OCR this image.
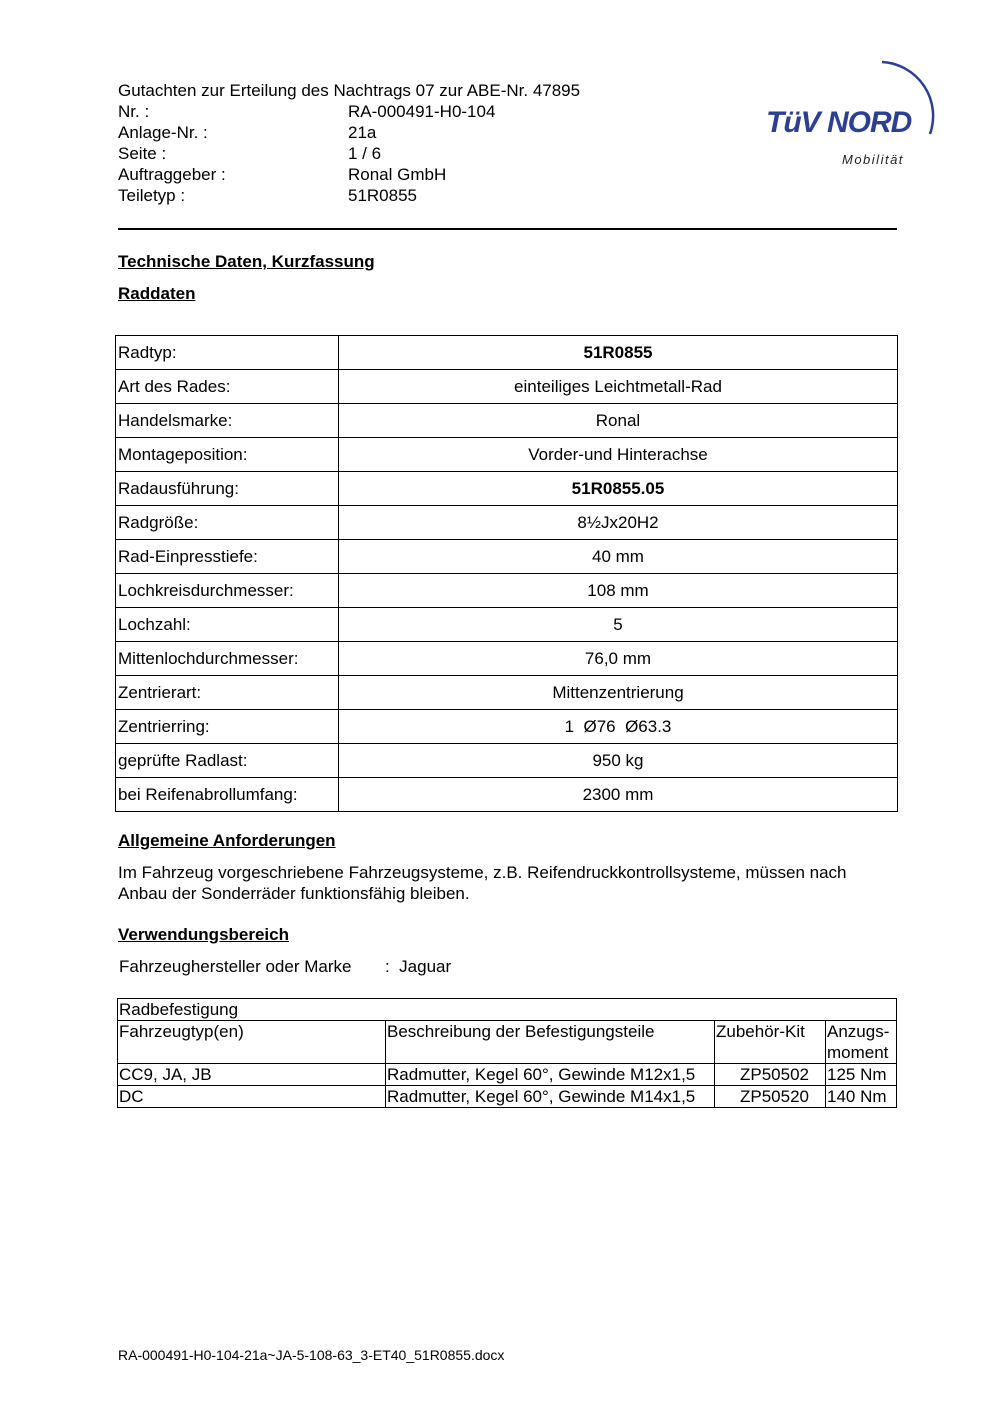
Gutachten zur Erteilung des Nachtrags 07 zur ABE-Nr. 47895
Nr. :	RA-000491-H0-104
Anlage-Nr. :	21a
Seite :	1 / 6
Auftraggeber :	Ronal GmbH
Teiletyp :	51R0855
TüV NORD
Mobilität
Technische Daten, Kurzfassung
Raddaten
Radtyp:	51R0855
Art des Rades:	einteiliges Leichtmetall-Rad
Handelsmarke:	Ronal
Montageposition:	Vorder-und Hinterachse
Radausführung:	51R0855.05
Radgröße:	8½Jx20H2
Rad-Einpresstiefe:	40 mm
Lochkreisdurchmesser:	108 mm
Lochzahl:	5
Mittenlochdurchmesser:	76,0 mm
Zentrierart:	Mittenzentrierung
Zentrierring:	1  Ø76  Ø63.3
geprüfte Radlast:	950 kg
bei Reifenabrollumfang:	2300 mm
Allgemeine Anforderungen
Im Fahrzeug vorgeschriebene Fahrzeugsysteme, z.B. Reifendruckkontrollsysteme, müssen nach Anbau der Sonderräder funktionsfähig bleiben.
Verwendungsbereich
Fahrzeughersteller oder Marke	:  Jaguar
Radbefestigung			
Fahrzeugtyp(en)	Beschreibung der Befestigungsteile	Zubehör-Kit	Anzugs-
moment
CC9, JA, JB	Radmutter, Kegel 60°, Gewinde M12x1,5	ZP50502	125 Nm
DC	Radmutter, Kegel 60°, Gewinde M14x1,5	ZP50520	140 Nm
RA-000491-H0-104-21a~JA-5-108-63_3-ET40_51R0855.docx
